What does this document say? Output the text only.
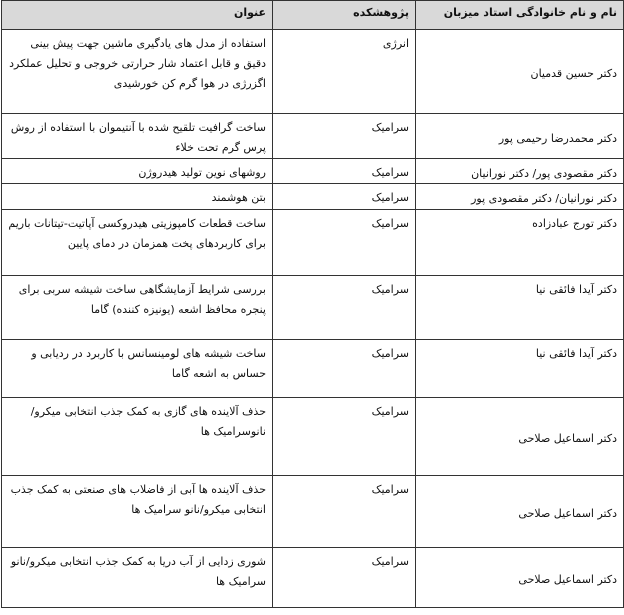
نام و نام خانوادگی استاد میزبان	پژوهشکده	عنوان
دکتر حسین قدمیان	انرژی	استفاده از مدل های یادگیری ماشین جهت پیش بینی دقیق و قابل اعتماد شار حرارتی خروجی و تحلیل عملکرد اگزرژی در هوا گرم کن خورشیدی
دکتر محمدرضا رحیمی پور	سرامیک	ساخت گرافیت تلقیح شده با آنتیموان با استفاده از روش پرس گرم تحت خلاء
دکتر مقصودی پور/ دکتر نورانیان	سرامیک	روشهای نوین تولید هیدروژن
دکتر نورانیان/ دکتر مقصودی پور	سرامیک	بتن هوشمند
دکتر تورج عبادزاده	سرامیک	ساخت قطعات کامپوزیتی هیدروکسی آپاتیت-تیتانات باریم برای کاربردهای پخت همزمان در دمای پایین
دکتر آیدا فائقی نیا	سرامیک	بررسی شرایط آزمایشگاهی ساخت شیشه سربی برای پنجره محافظ اشعه (یونیزه کننده) گاما
دکتر آیدا فائقی نیا	سرامیک	ساخت شیشه های لومینسانس با کاربرد در ردیابی و حساس به اشعه گاما
دکتر اسماعیل صلاحی	سرامیک	حذف آلاینده های گازی به کمک جذب انتخابی میکرو/ نانوسرامیک ها
دکتر اسماعیل صلاحی	سرامیک	حذف آلاینده ها آبی از فاضلاب های صنعتی به کمک جذب انتخابی میکرو/نانو سرامیک ها
دکتر اسماعیل صلاحی	سرامیک	شوری زدایی از آب دریا به کمک جذب انتخابی میکرو/نانو سرامیک ها
